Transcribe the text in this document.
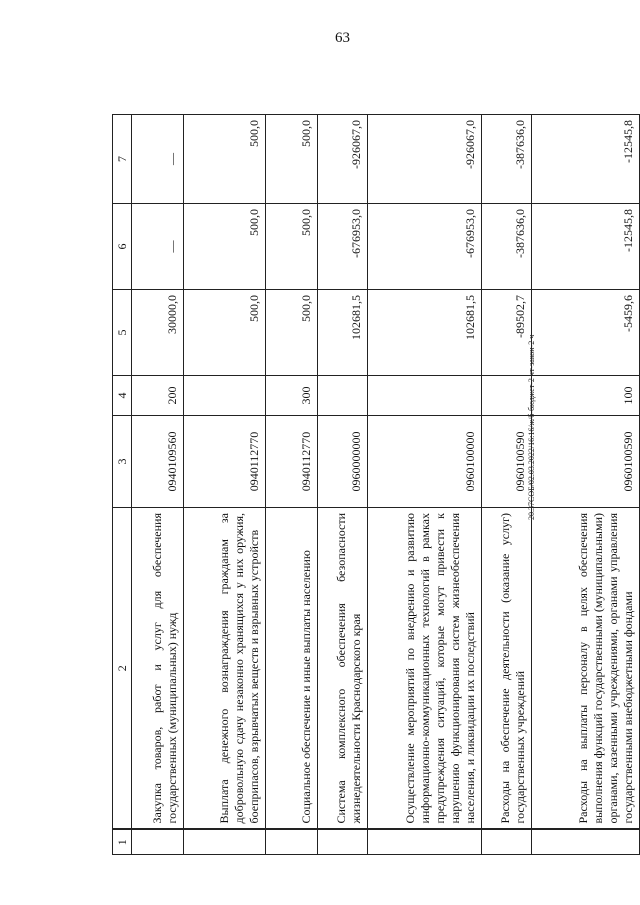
63
20.37СОБ/02.03.2022/16:16/ж/б-бюджет-2 чт-закон-2 ч
1	2	3	4	5	6	7
	Закупка товаров, работ и услуг для обеспечения государственных (муниципальных) нужд	0940109560	200	30000,0	—	—
	Выплата денежного вознаграждения гражданам за добровольную сдачу незаконно хранящихся у них оружия, боеприпасов, взрывчатых веществ и взрывных устройств	0940112770		500,0	500,0	500,0
	Социальное обеспечение и иные выплаты населению	0940112770	300	500,0	500,0	500,0
	Система комплексного обеспечения безопасности жизнедеятельности Краснодарского края	0960000000		102681,5	-676953,0	-926067,0
	Осуществление мероприятий по внедрению и развитию информационно-коммуникационных технологий в рамках предупреждения ситуаций, которые могут привести к нарушению функционирования систем жизнеобеспечения населения, и ликвидации их последствий	0960100000		102681,5	-676953,0	-926067,0
	Расходы на обеспечение деятельности (оказание услуг) государственных учреждений	0960100590		-89502,7	-387636,0	-387636,0
	Расходы на выплаты персоналу в целях обеспечения выполнения функций государственными (муниципальными) органами, казенными учреждениями, органами управления государственными внебюджетными фондами	0960100590	100	-5459,6	-12545,8	-12545,8
